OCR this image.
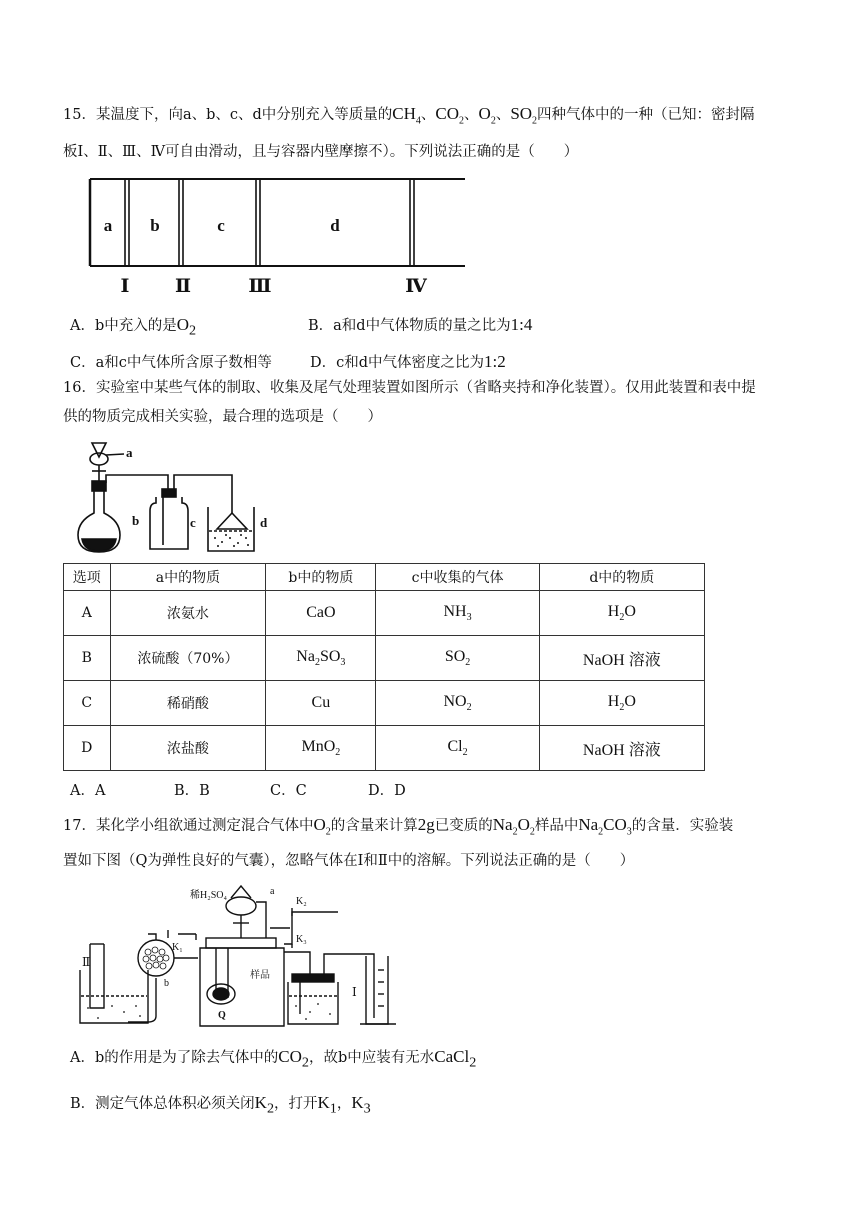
15．某温度下，向a、b、c、d中分别充入等质量的$CH_4$、$CO_2$、$O_2$、$SO_2$四种气体中的一种（已知：密封隔
板Ⅰ、Ⅱ、Ⅲ、Ⅳ可自由滑动，且与容器内壁摩擦不）。下列说法正确的是（　　）
a b	c	d
Ⅰ Ⅱ	Ⅲ	Ⅳ
A．b中充入的是$O_2$	B．a和d中气体物质的量之比为1:4
C．a和c中气体所含原子数相等	D．c和d中气体密度之比为1:2
16．实验室中某些气体的制取、收集及尾气处理装置如图所示（省略夹持和净化装置）。仅用此装置和表中提
供的物质完成相关实验，最合理的选项是（　　）
a
b	c	d
选项	a中的物质	b中的物质	c中收集的气体	d中的物质
A	浓氨水	CaO	$NH_3$	$H_2O$
B	浓硫酸（70%）	$Na_2SO_3$	$SO_2$	NaOH 溶液
C	稀硝酸	Cu	$NO_2$	$H_2O$
D	浓盐酸	MnO$_2$	$Cl_2$	NaOH 溶液
A．A	B．B	C．C	D．D
17．某化学小组欲通过测定混合气体中$O_2$的含量来计算2g已变质的$Na_2O_2$样品中$Na_2CO_3$的含量．实验装
置如下图（Q为弹性良好的气囊），忽略气体在Ⅰ和Ⅱ中的溶解。下列说法正确的是（　　）
稀H₂SO₄	a
K₁
K₂
K₃
b
样品
Q
Ⅰ
Ⅱ
A．b的作用是为了除去气体中的$CO_2$，故b中应装有无水CaCl$_2$
B．测定气体总体积必须关闭$K_2$，打开$K_1$，$K_3$
